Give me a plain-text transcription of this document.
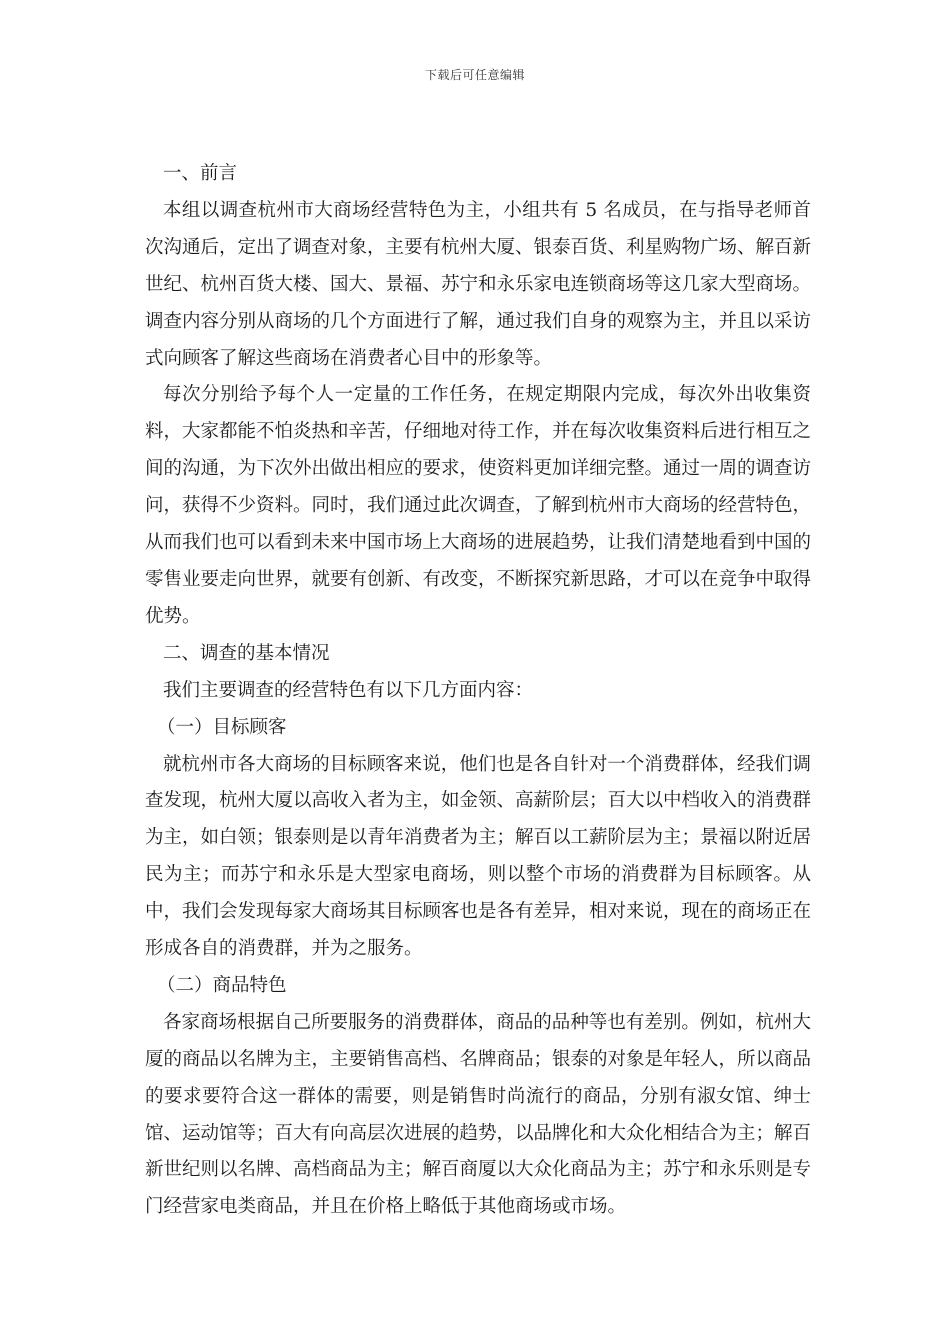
下载后可任意编辑

一、前言

本组以调查杭州市大商场经营特色为主，小组共有 5 名成员，在与指导老师首次沟通后，定出了调查对象，主要有杭州大厦、银泰百货、利星购物广场、解百新世纪、杭州百货大楼、国大、景福、苏宁和永乐家电连锁商场等这几家大型商场。调查内容分别从商场的几个方面进行了解，通过我们自身的观察为主，并且以采访式向顾客了解这些商场在消费者心目中的形象等。

每次分别给予每个人一定量的工作任务，在规定期限内完成，每次外出收集资料，大家都能不怕炎热和辛苦，仔细地对待工作，并在每次收集资料后进行相互之间的沟通，为下次外出做出相应的要求，使资料更加详细完整。通过一周的调查访问，获得不少资料。同时，我们通过此次调查，了解到杭州市大商场的经营特色，从而我们也可以看到未来中国市场上大商场的进展趋势，让我们清楚地看到中国的零售业要走向世界，就要有创新、有改变，不断探究新思路，才可以在竞争中取得优势。

二、调查的基本情况

我们主要调查的经营特色有以下几方面内容：

（一）目标顾客

就杭州市各大商场的目标顾客来说，他们也是各自针对一个消费群体，经我们调查发现，杭州大厦以高收入者为主，如金领、高薪阶层；百大以中档收入的消费群为主，如白领；银泰则是以青年消费者为主；解百以工薪阶层为主；景福以附近居民为主；而苏宁和永乐是大型家电商场，则以整个市场的消费群为目标顾客。从中，我们会发现每家大商场其目标顾客也是各有差异，相对来说，现在的商场正在形成各自的消费群，并为之服务。

（二）商品特色

各家商场根据自己所要服务的消费群体，商品的品种等也有差别。例如，杭州大厦的商品以名牌为主，主要销售高档、名牌商品；银泰的对象是年轻人，所以商品的要求要符合这一群体的需要，则是销售时尚流行的商品，分别有淑女馆、绅士馆、运动馆等；百大有向高层次进展的趋势，以品牌化和大众化相结合为主；解百新世纪则以名牌、高档商品为主；解百商厦以大众化商品为主；苏宁和永乐则是专门经营家电类商品，并且在价格上略低于其他商场或市场。
